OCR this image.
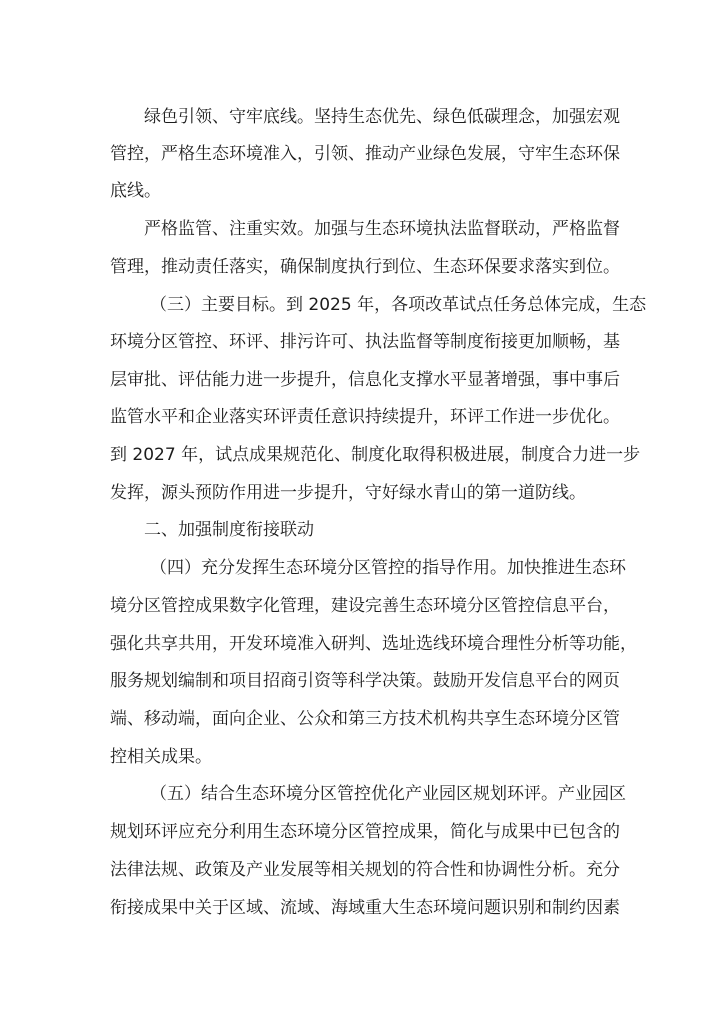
绿色引领、守牢底线。坚持生态优先、绿色低碳理念，加强宏观

管控，严格生态环境准入，引领、推动产业绿色发展，守牢生态环保

底线。

严格监管、注重实效。加强与生态环境执法监督联动，严格监督

管理，推动责任落实，确保制度执行到位、生态环保要求落实到位。

（三）主要目标。到 2025 年，各项改革试点任务总体完成，生态

环境分区管控、环评、排污许可、执法监督等制度衔接更加顺畅，基

层审批、评估能力进一步提升，信息化支撑水平显著增强，事中事后

监管水平和企业落实环评责任意识持续提升，环评工作进一步优化。

到 2027 年，试点成果规范化、制度化取得积极进展，制度合力进一步

发挥，源头预防作用进一步提升，守好绿水青山的第一道防线。

二、加强制度衔接联动

（四）充分发挥生态环境分区管控的指导作用。加快推进生态环

境分区管控成果数字化管理，建设完善生态环境分区管控信息平台，

强化共享共用，开发环境准入研判、选址选线环境合理性分析等功能，

服务规划编制和项目招商引资等科学决策。鼓励开发信息平台的网页

端、移动端，面向企业、公众和第三方技术机构共享生态环境分区管

控相关成果。

（五）结合生态环境分区管控优化产业园区规划环评。产业园区

规划环评应充分利用生态环境分区管控成果，简化与成果中已包含的

法律法规、政策及产业发展等相关规划的符合性和协调性分析。充分

衔接成果中关于区域、流域、海域重大生态环境问题识别和制约因素
